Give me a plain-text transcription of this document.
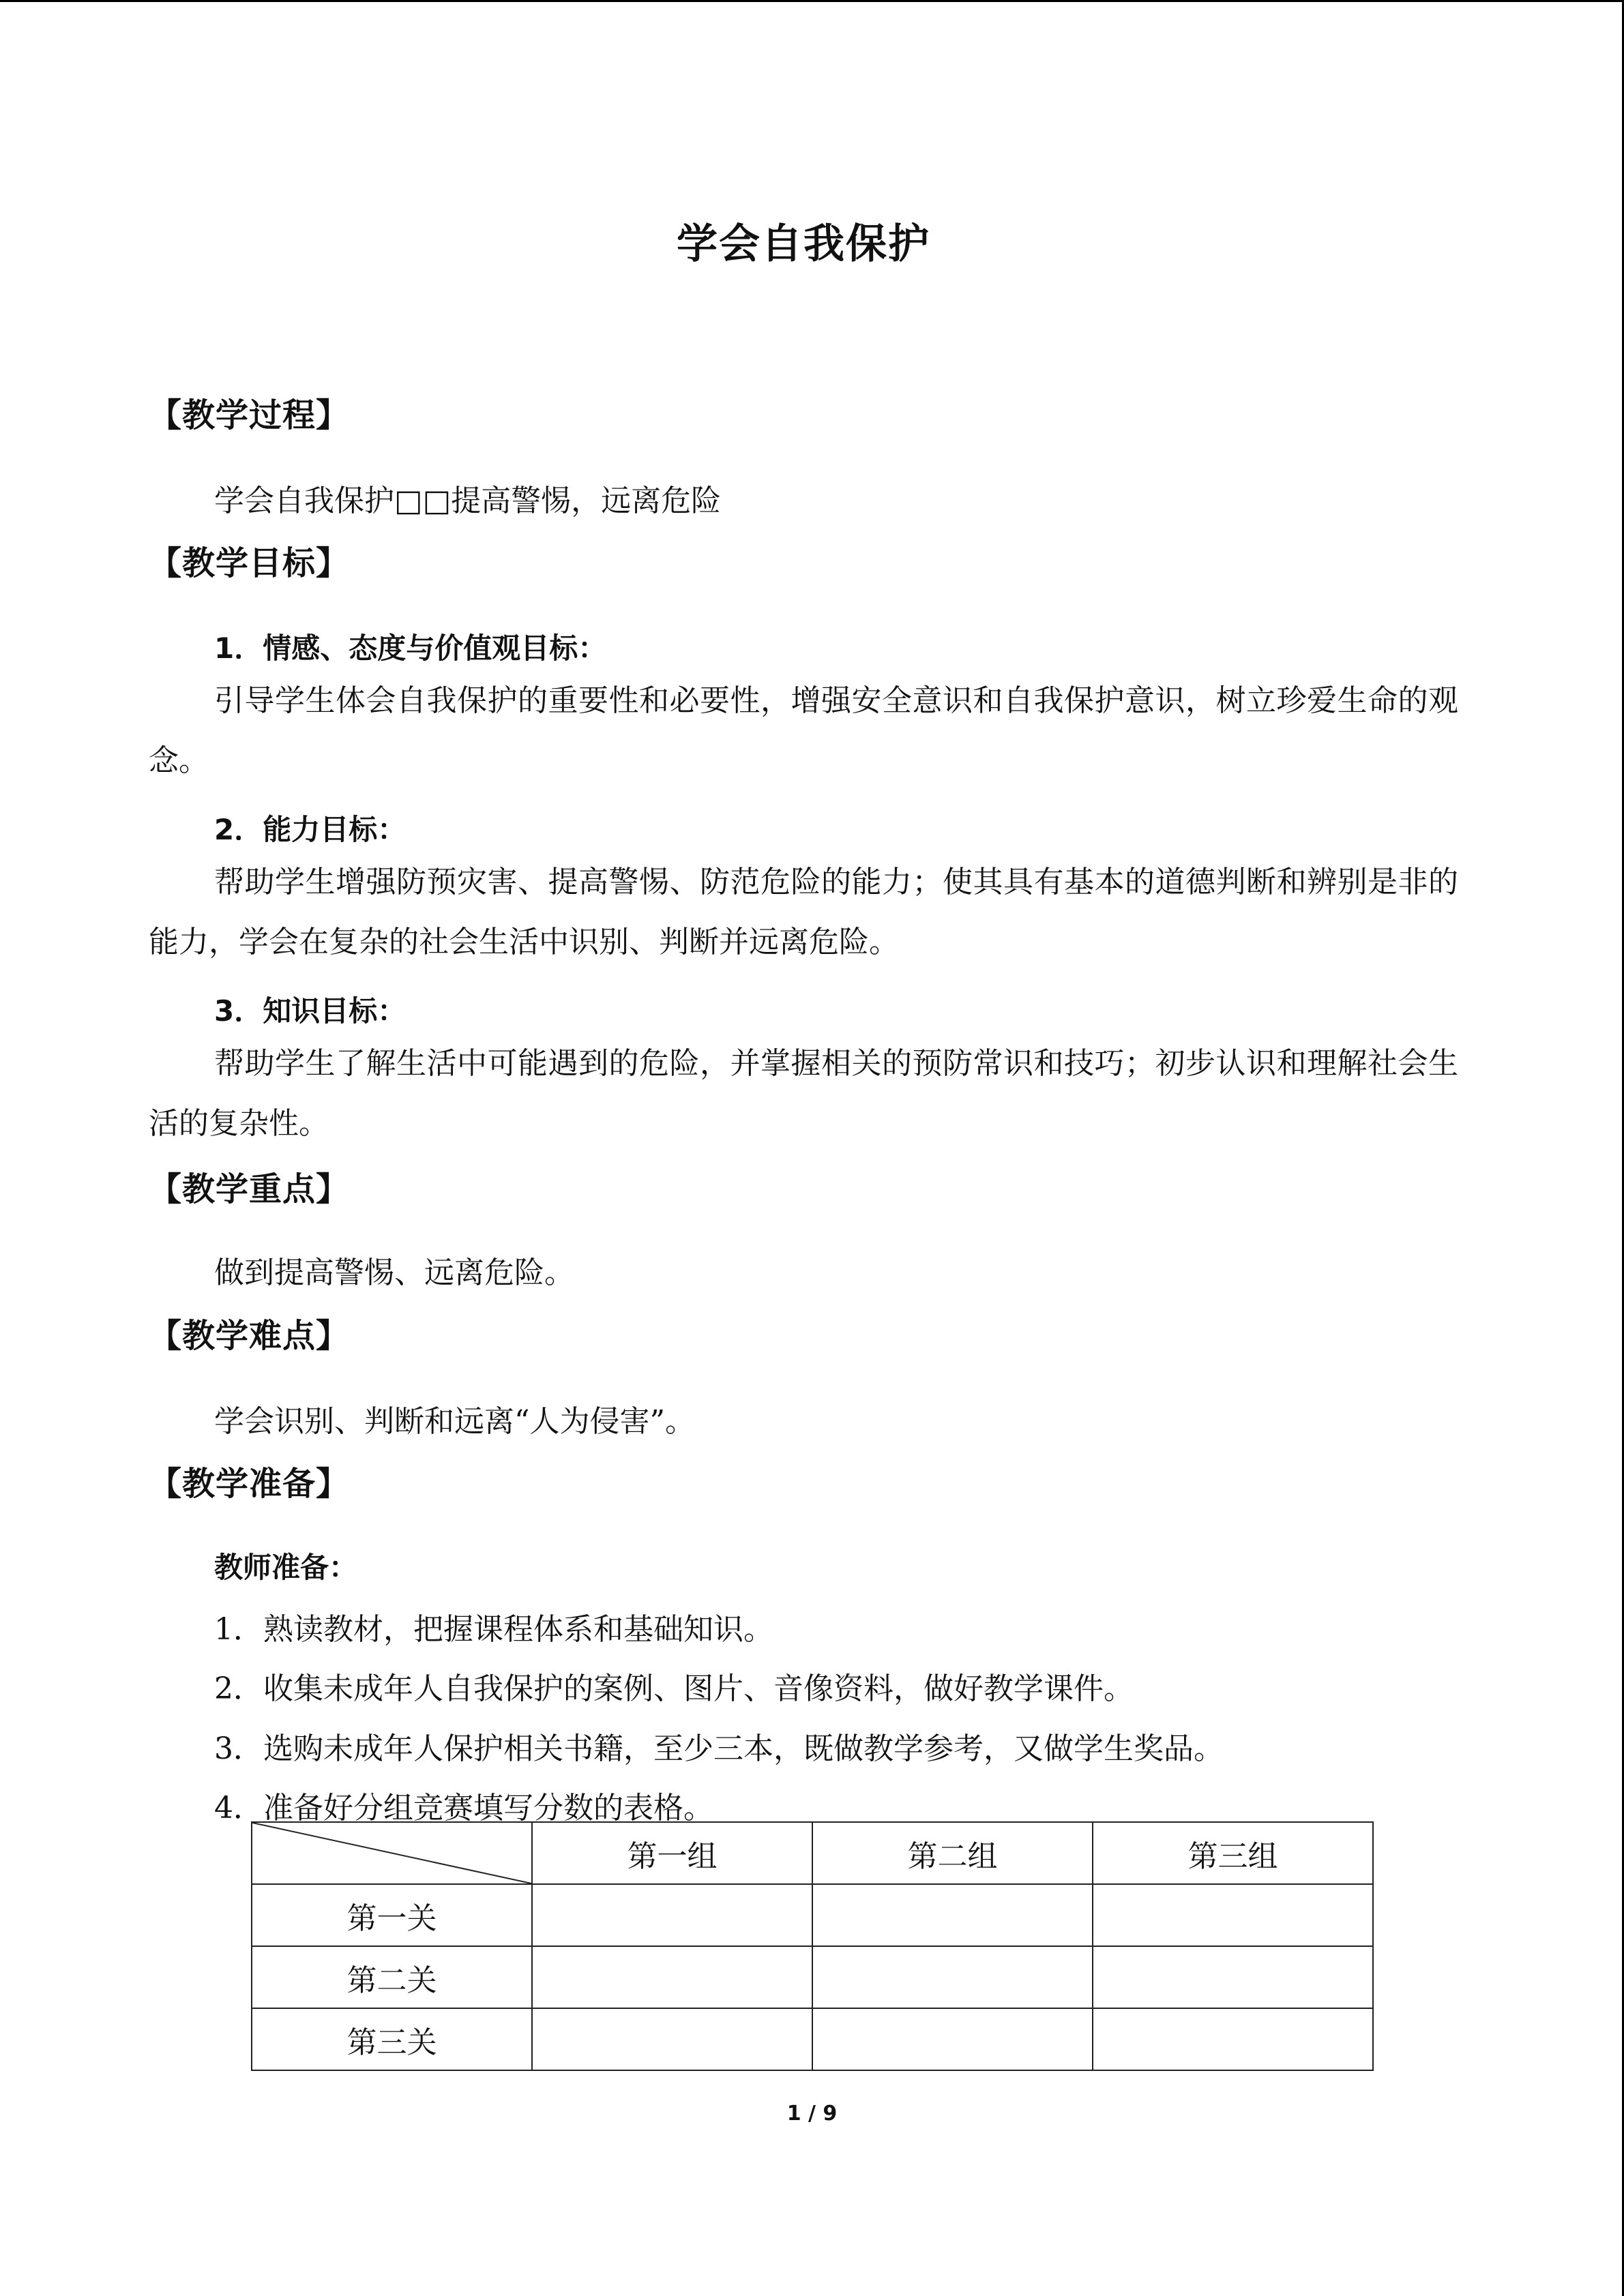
学会自我保护
【教学过程】
学会自我保护□□提高警惕，远离危险
【教学目标】
1．情感、态度与价值观目标：
引导学生体会自我保护的重要性和必要性，增强安全意识和自我保护意识，树立珍爱生命的观念。
2．能力目标：
帮助学生增强防预灾害、提高警惕、防范危险的能力；使其具有基本的道德判断和辨别是非的能力，学会在复杂的社会生活中识别、判断并远离危险。
3．知识目标：
帮助学生了解生活中可能遇到的危险，并掌握相关的预防常识和技巧；初步认识和理解社会生活的复杂性。
【教学重点】
做到提高警惕、远离危险。
【教学难点】
学会识别、判断和远离“人为侵害”。
【教学准备】
教师准备：
1．熟读教材，把握课程体系和基础知识。
2．收集未成年人自我保护的案例、图片、音像资料，做好教学课件。
3．选购未成年人保护相关书籍，至少三本，既做教学参考，又做学生奖品。
4．准备好分组竞赛填写分数的表格。
	第一组	第二组	第三组
第一关			
第二关			
第三关			
1 / 9
